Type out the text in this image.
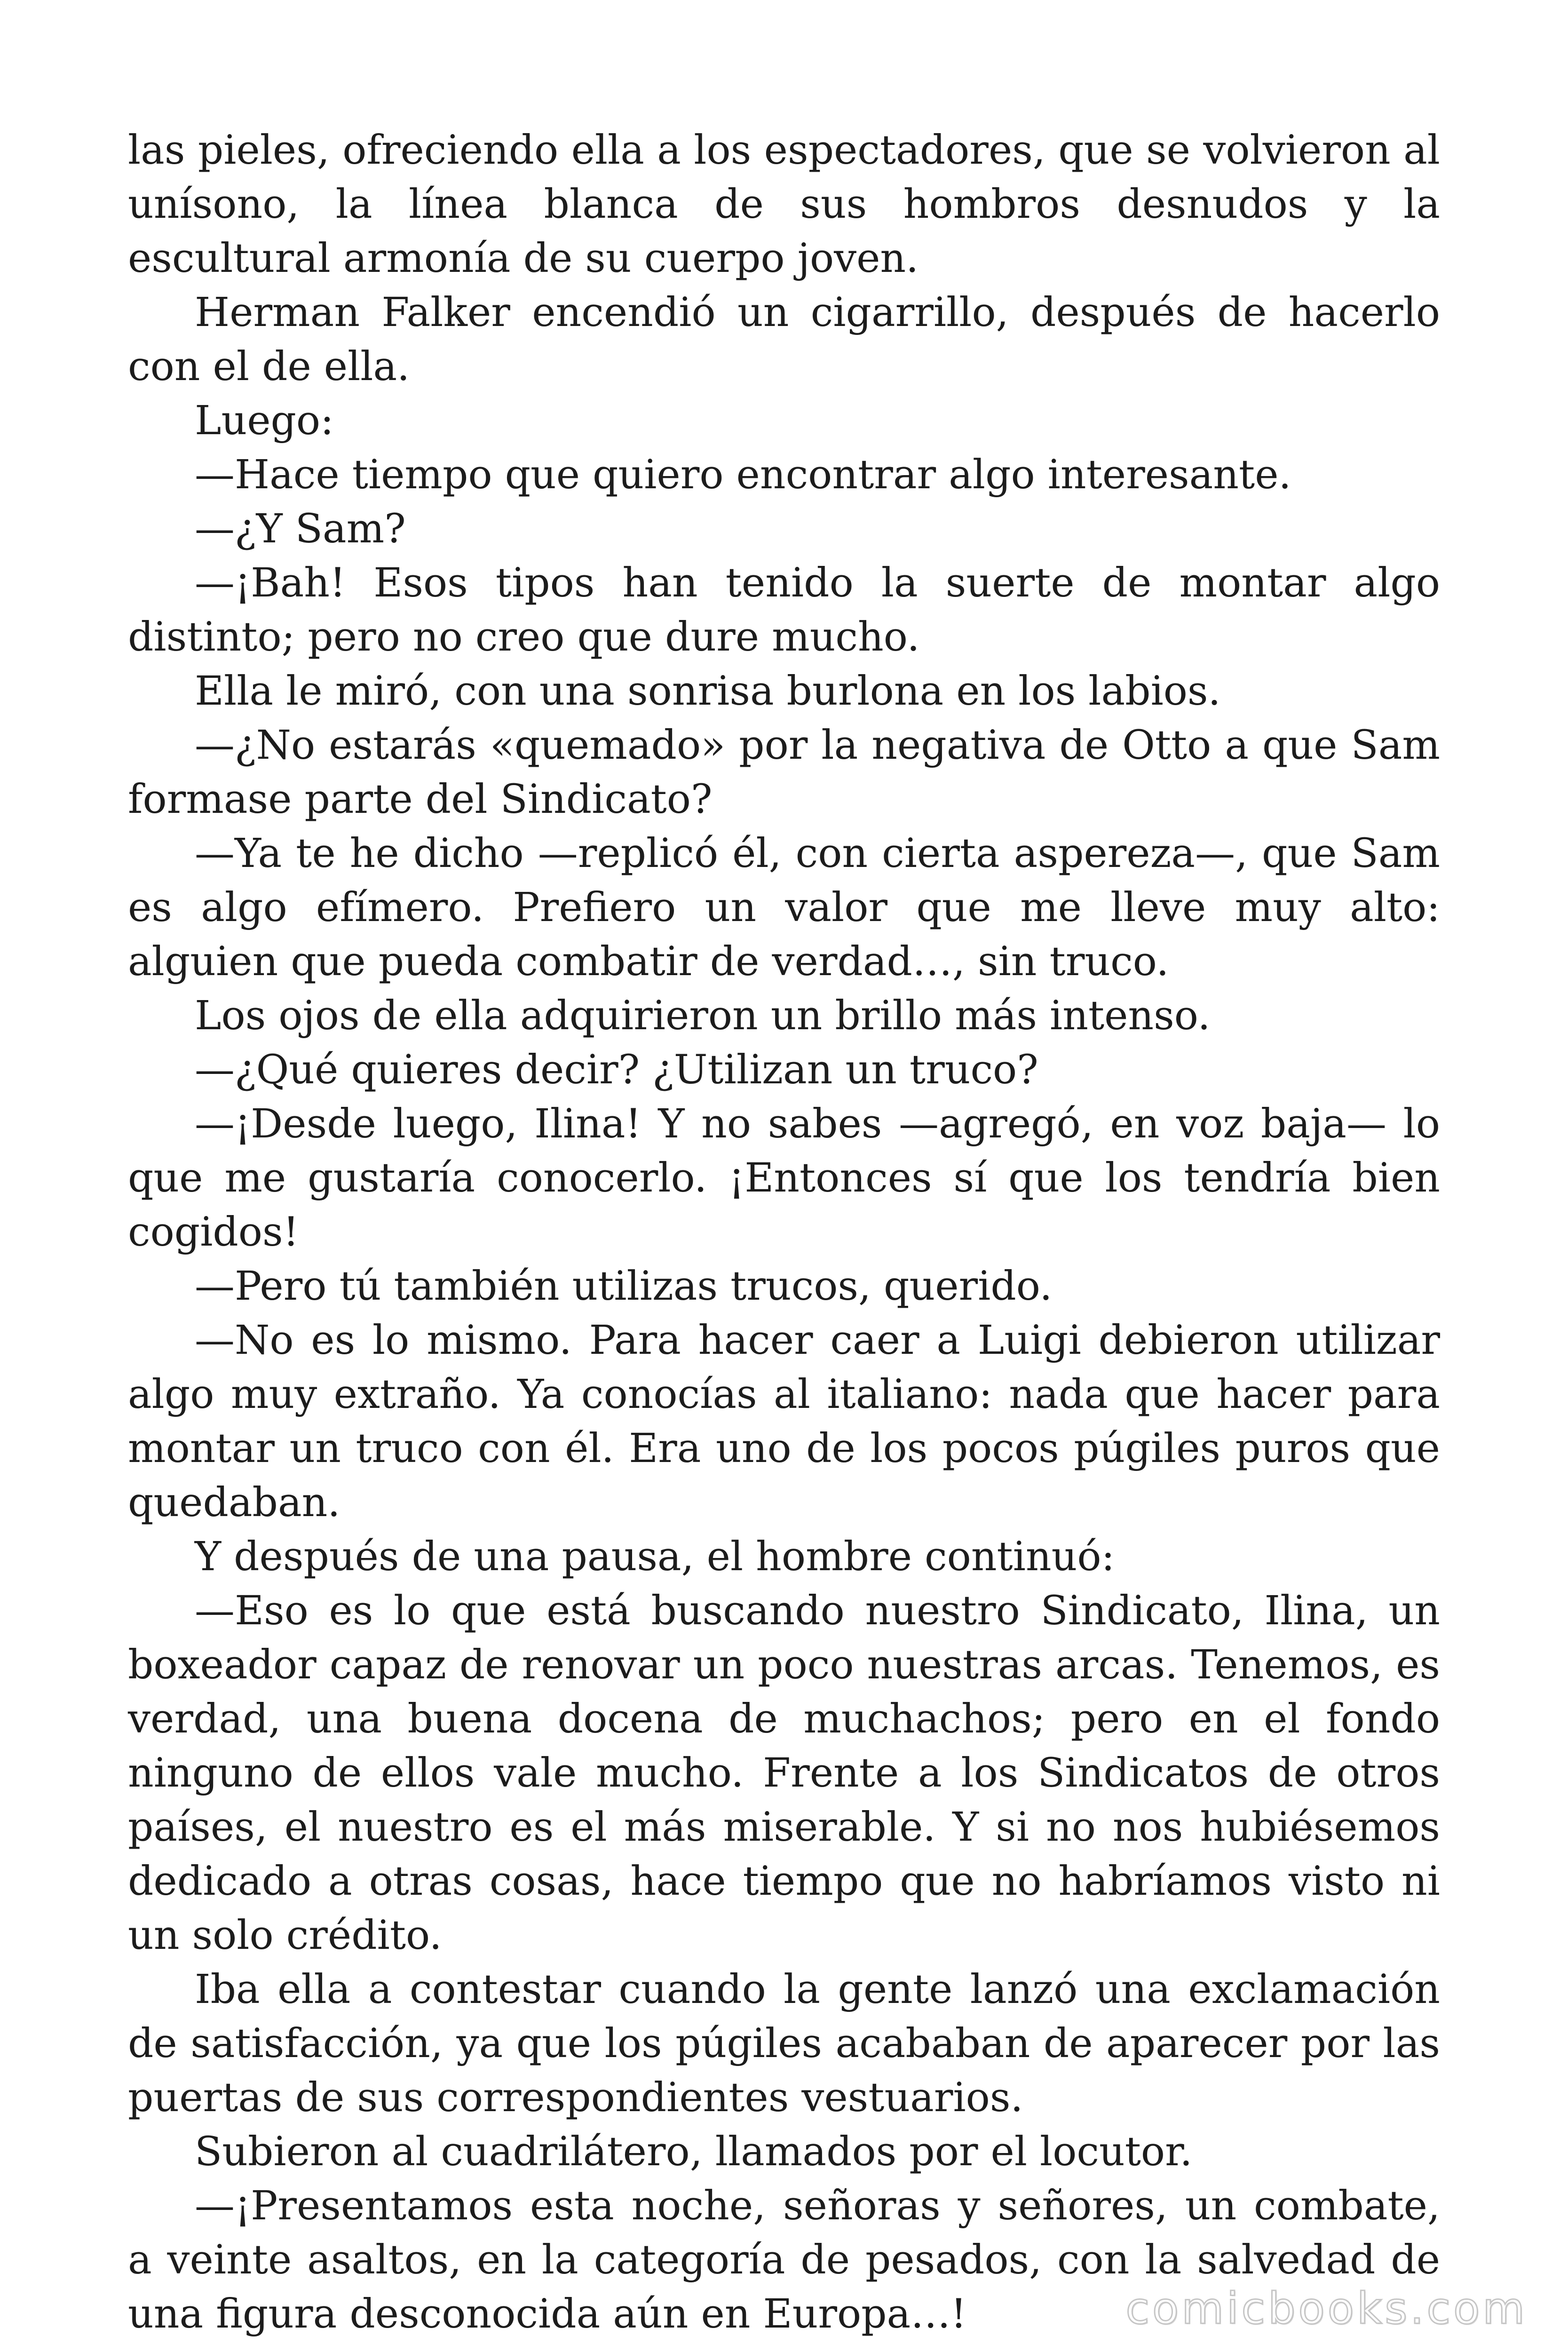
las pieles, ofreciendo ella a los espectadores, que se volvieron al unísono, la línea blanca de sus hombros desnudos y la escultural armonía de su cuerpo joven.

Herman Falker encendió un cigarrillo, después de hacerlo con el de ella.

Luego:

—Hace tiempo que quiero encontrar algo interesante.

—¿Y Sam?

—¡Bah! Esos tipos han tenido la suerte de montar algo distinto; pero no creo que dure mucho.

Ella le miró, con una sonrisa burlona en los labios.

—¿No estarás «quemado» por la negativa de Otto a que Sam formase parte del Sindicato?

—Ya te he dicho —replicó él, con cierta aspereza—, que Sam es algo efímero. Prefiero un valor que me lleve muy alto: alguien que pueda combatir de verdad…, sin truco.

Los ojos de ella adquirieron un brillo más intenso.

—¿Qué quieres decir? ¿Utilizan un truco?

—¡Desde luego, Ilina! Y no sabes —agregó, en voz baja— lo que me gustaría conocerlo. ¡Entonces sí que los tendría bien cogidos!

—Pero tú también utilizas trucos, querido.

—No es lo mismo. Para hacer caer a Luigi debieron utilizar algo muy extraño. Ya conocías al italiano: nada que hacer para montar un truco con él. Era uno de los pocos púgiles puros que quedaban.

Y después de una pausa, el hombre continuó:

—Eso es lo que está buscando nuestro Sindicato, Ilina, un boxeador capaz de renovar un poco nuestras arcas. Tenemos, es verdad, una buena docena de muchachos; pero en el fondo ninguno de ellos vale mucho. Frente a los Sindicatos de otros países, el nuestro es el más miserable. Y si no nos hubiésemos dedicado a otras cosas, hace tiempo que no habríamos visto ni un solo crédito.

Iba ella a contestar cuando la gente lanzó una exclamación de satisfacción, ya que los púgiles acababan de aparecer por las puertas de sus correspondientes vestuarios.

Subieron al cuadrilátero, llamados por el locutor.

—¡Presentamos esta noche, señoras y señores, un combate, a veinte asaltos, en la categoría de pesados, con la salvedad de una figura desconocida aún en Europa…!	comicbooks.com
